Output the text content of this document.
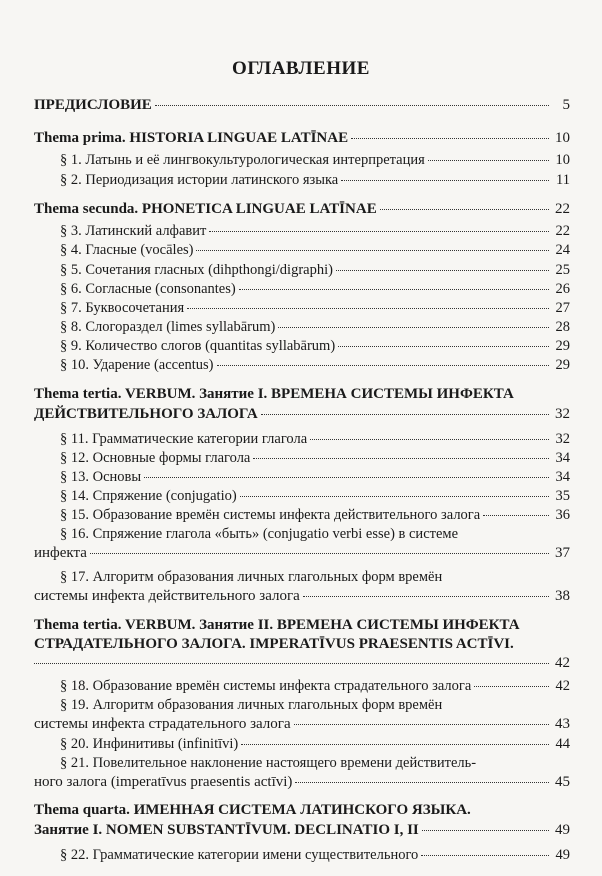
ОГЛАВЛЕНИЕ
ПРЕДИСЛОВИЕ	5
Thema prima. HISTORIA LINGUAE LATĪNAE	10
§ 1. Латынь и её лингвокультурологическая интерпретация	10
§ 2. Периодизация истории латинского языка	11
Thema secunda. PHONETICA LINGUAE LATĪNAE	22
§ 3. Латинский алфавит	22
§ 4. Гласные (vocāles)	24
§ 5. Сочетания гласных (dihpthongi/digraphi)	25
§ 6. Согласные (consonantes)	26
§ 7. Буквосочетания	27
§ 8. Слогораздел (limes syllabārum)	28
§ 9. Количество слогов (quantitas syllabārum)	29
§ 10. Ударение (accentus)	29
Thema tertia. VERBUM. Занятие I. ВРЕМЕНА СИСТЕМЫ ИНФЕКТА
ДЕЙСТВИТЕЛЬНОГО ЗАЛОГА	32
§ 11. Грамматические категории глагола	32
§ 12. Основные формы глагола	34
§ 13. Основы	34
§ 14. Спряжение (conjugatio)	35
§ 15. Образование времён системы инфекта действительного залога	36
§ 16. Спряжение глагола «быть» (conjugatio verbi esse) в системе
инфекта	37
§ 17. Алгоритм образования личных глагольных форм времён
системы инфекта действительного залога	38
Thema tertia. VERBUM. Занятие II. ВРЕМЕНА СИСТЕМЫ ИНФЕКТА
СТРАДАТЕЛЬНОГО ЗАЛОГА. IMPERATĪVUS PRAESENTIS ACTĪVI.
42
§ 18. Образование времён системы инфекта страдательного залога	42
§ 19. Алгоритм образования личных глагольных форм времён
системы инфекта страдательного залога	43
§ 20. Инфинитивы (infinitīvi)	44
§ 21. Повелительное наклонение настоящего времени действитель-
ного залога (imperatīvus praesentis actīvi)	45
Thema quarta. ИМЕННАЯ СИСТЕМА ЛАТИНСКОГО ЯЗЫКА.
Занятие I. NOMEN SUBSTANTĪVUM. DECLINATIO I, II	49
§ 22. Грамматические категории имени существительного	49
